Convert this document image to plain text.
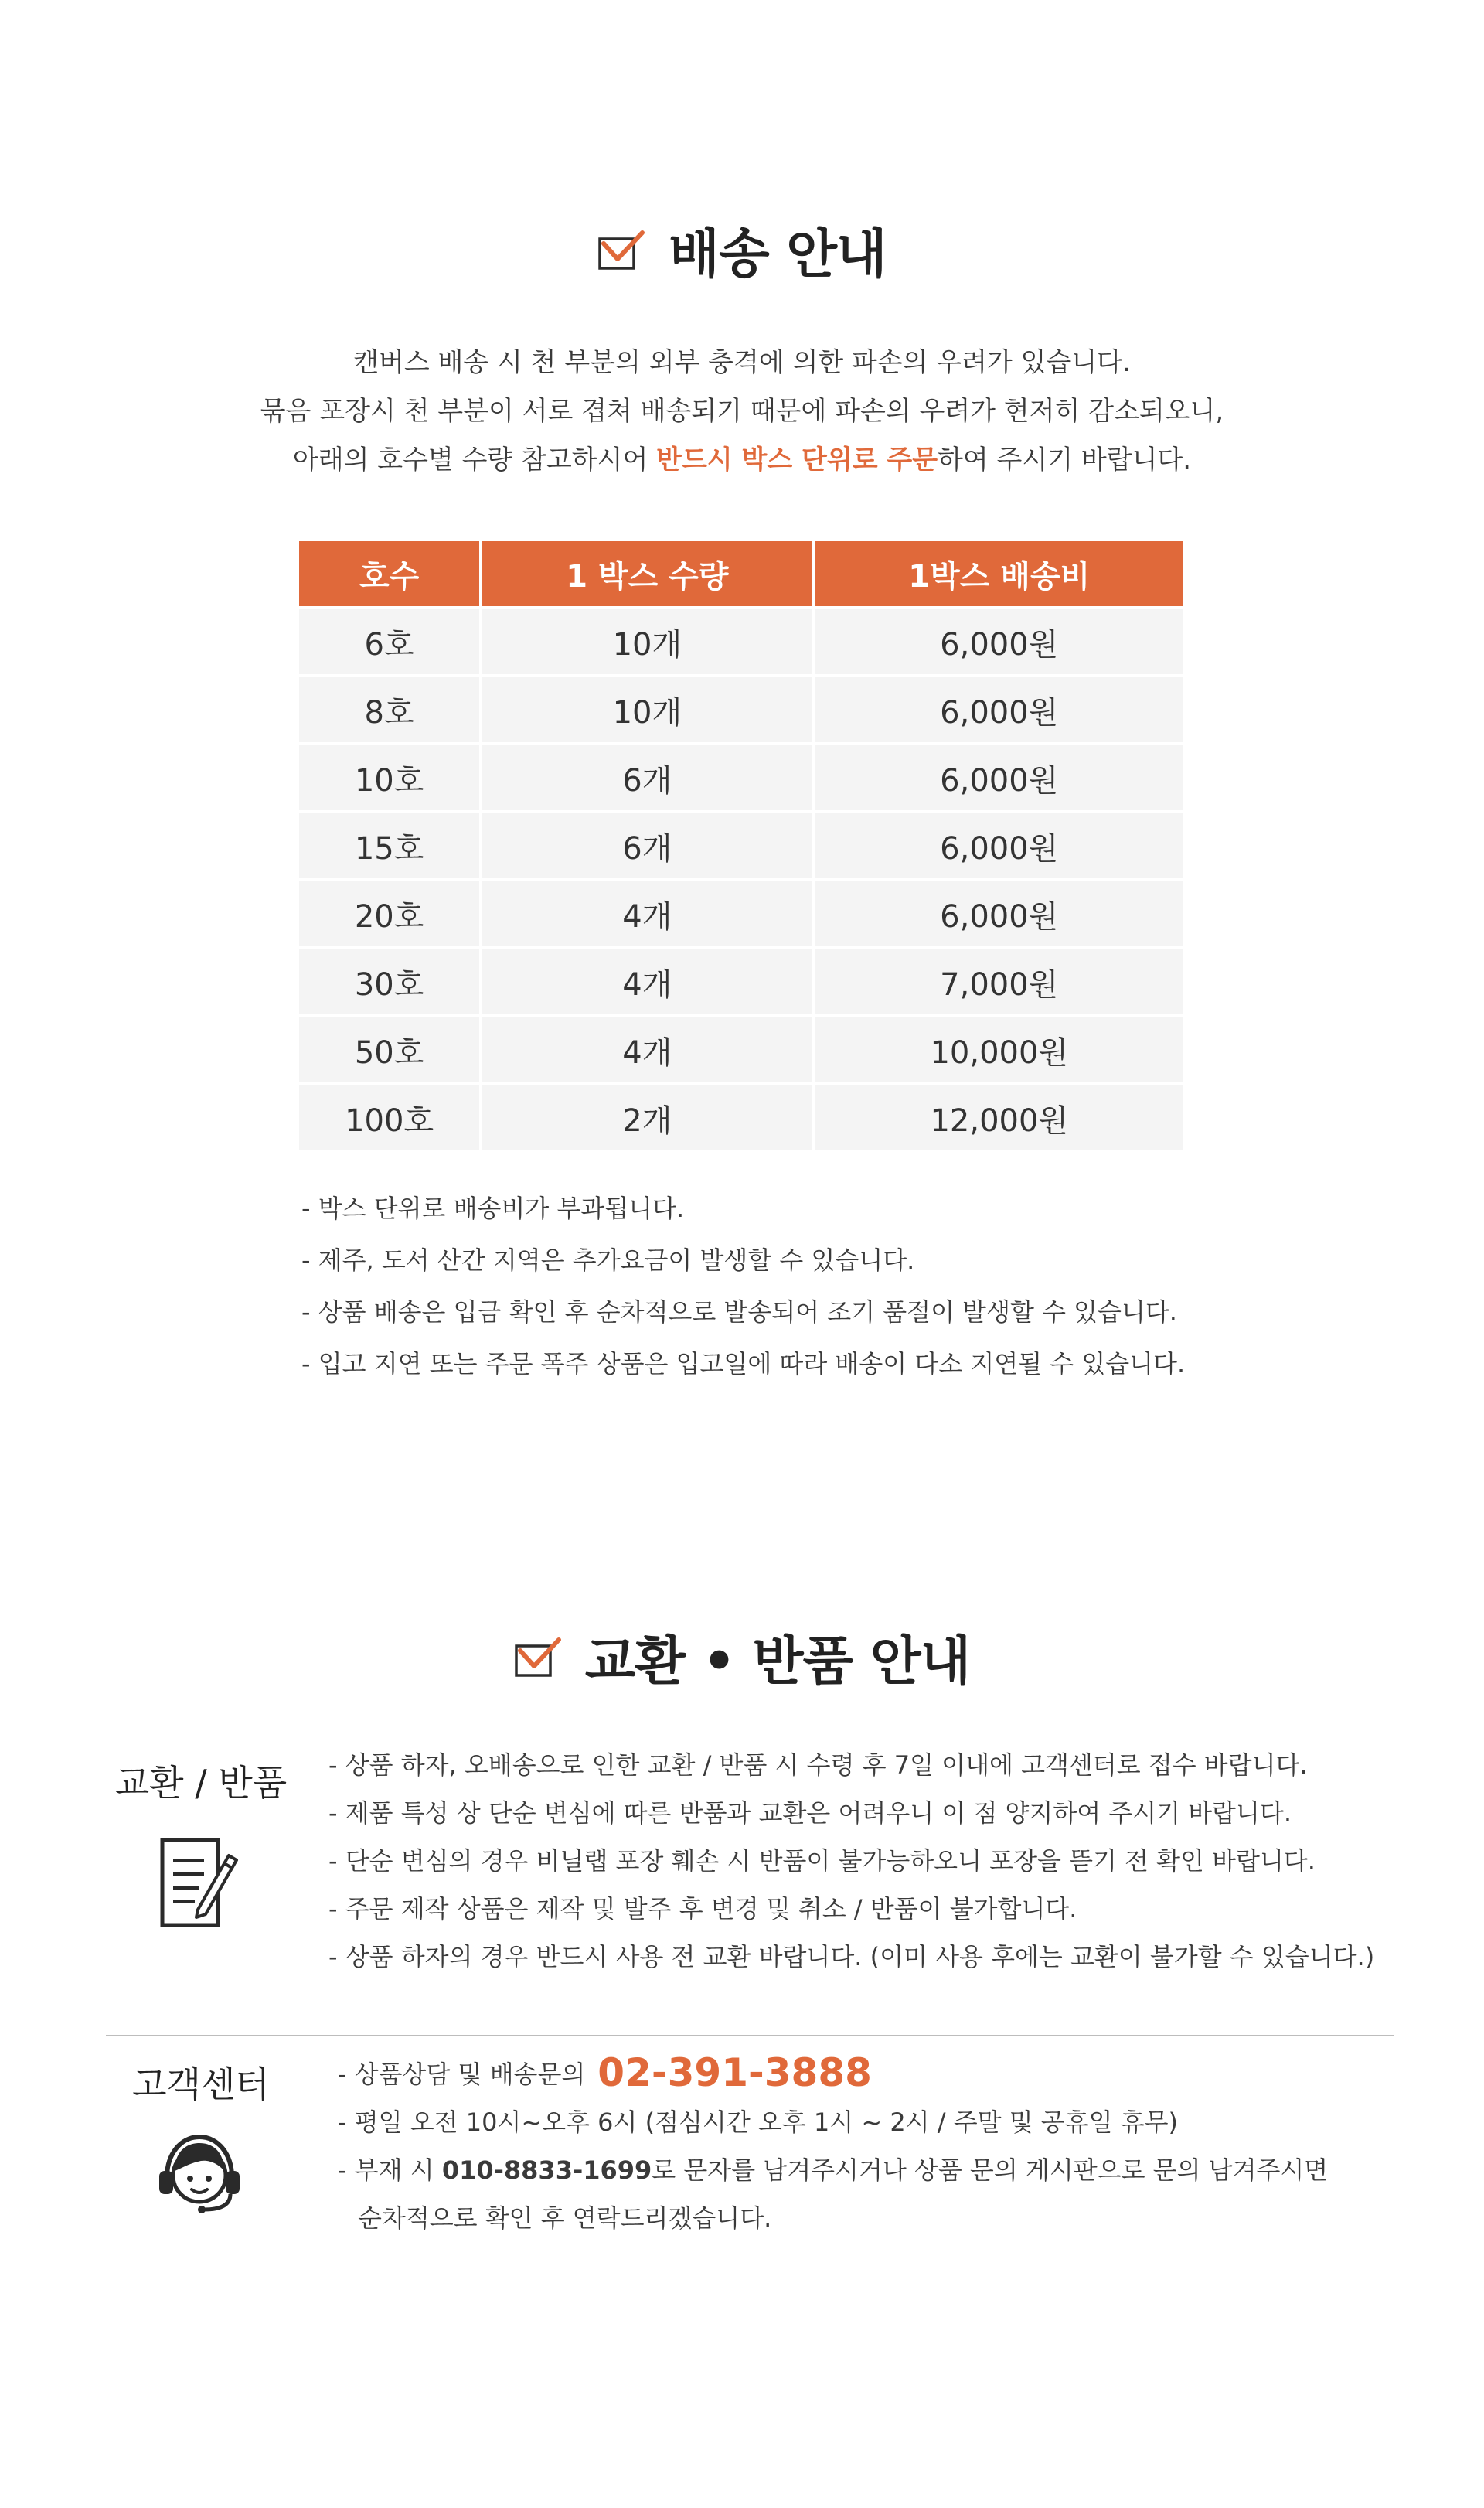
배송 안내
캔버스 배송 시 천 부분의 외부 충격에 의한 파손의 우려가 있습니다.
묶음 포장시 천 부분이 서로 겹쳐 배송되기 때문에 파손의 우려가 현저히 감소되오니,
아래의 호수별 수량 참고하시어 반드시 박스 단위로 주문하여 주시기 바랍니다.
호수	1 박스 수량	1박스 배송비
6호	10개	6,000원
8호	10개	6,000원
10호	6개	6,000원
15호	6개	6,000원
20호	4개	6,000원
30호	4개	7,000원
50호	4개	10,000원
100호	2개	12,000원
- 박스 단위로 배송비가 부과됩니다.
- 제주, 도서 산간 지역은 추가요금이 발생할 수 있습니다.
- 상품 배송은 입금 확인 후 순차적으로 발송되어 조기 품절이 발생할 수 있습니다.
- 입고 지연 또는 주문 폭주 상품은 입고일에 따라 배송이 다소 지연될 수 있습니다.
교환 • 반품 안내
교환 / 반품	- 상품 하자, 오배송으로 인한 교환 / 반품 시 수령 후 7일 이내에 고객센터로 접수 바랍니다.
- 제품 특성 상 단순 변심에 따른 반품과 교환은 어려우니 이 점 양지하여 주시기 바랍니다.
- 단순 변심의 경우 비닐랩 포장 훼손 시 반품이 불가능하오니 포장을 뜯기 전 확인 바랍니다.
- 주문 제작 상품은 제작 및 발주 후 변경 및 취소 / 반품이 불가합니다.
- 상품 하자의 경우 반드시 사용 전 교환 바랍니다. (이미 사용 후에는 교환이 불가할 수 있습니다.)
고객센터	- 상품상담 및 배송문의 02-391-3888
- 평일 오전 10시~오후 6시 (점심시간 오후 1시 ~ 2시 / 주말 및 공휴일 휴무)
- 부재 시 010-8833-1699로 문자를 남겨주시거나 상품 문의 게시판으로 문의 남겨주시면
순차적으로 확인 후 연락드리겠습니다.
